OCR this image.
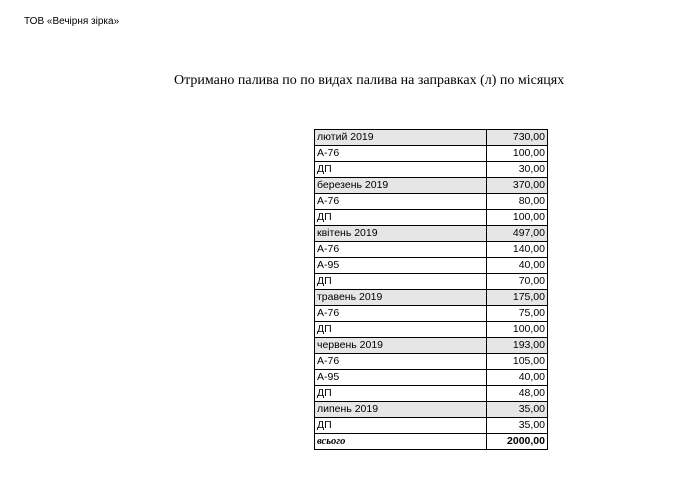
ТОВ «Вечірня зірка»
Отримано палива по по видах палива на заправках (л) по місяцях
лютий 2019	730,00
А-76	100,00
ДП	30,00
березень 2019	370,00
А-76	80,00
ДП	100,00
квітень 2019	497,00
А-76	140,00
А-95	40,00
ДП	70,00
травень 2019	175,00
А-76	75,00
ДП	100,00
червень 2019	193,00
А-76	105,00
А-95	40,00
ДП	48,00
липень 2019	35,00
ДП	35,00
всього	2000,00
